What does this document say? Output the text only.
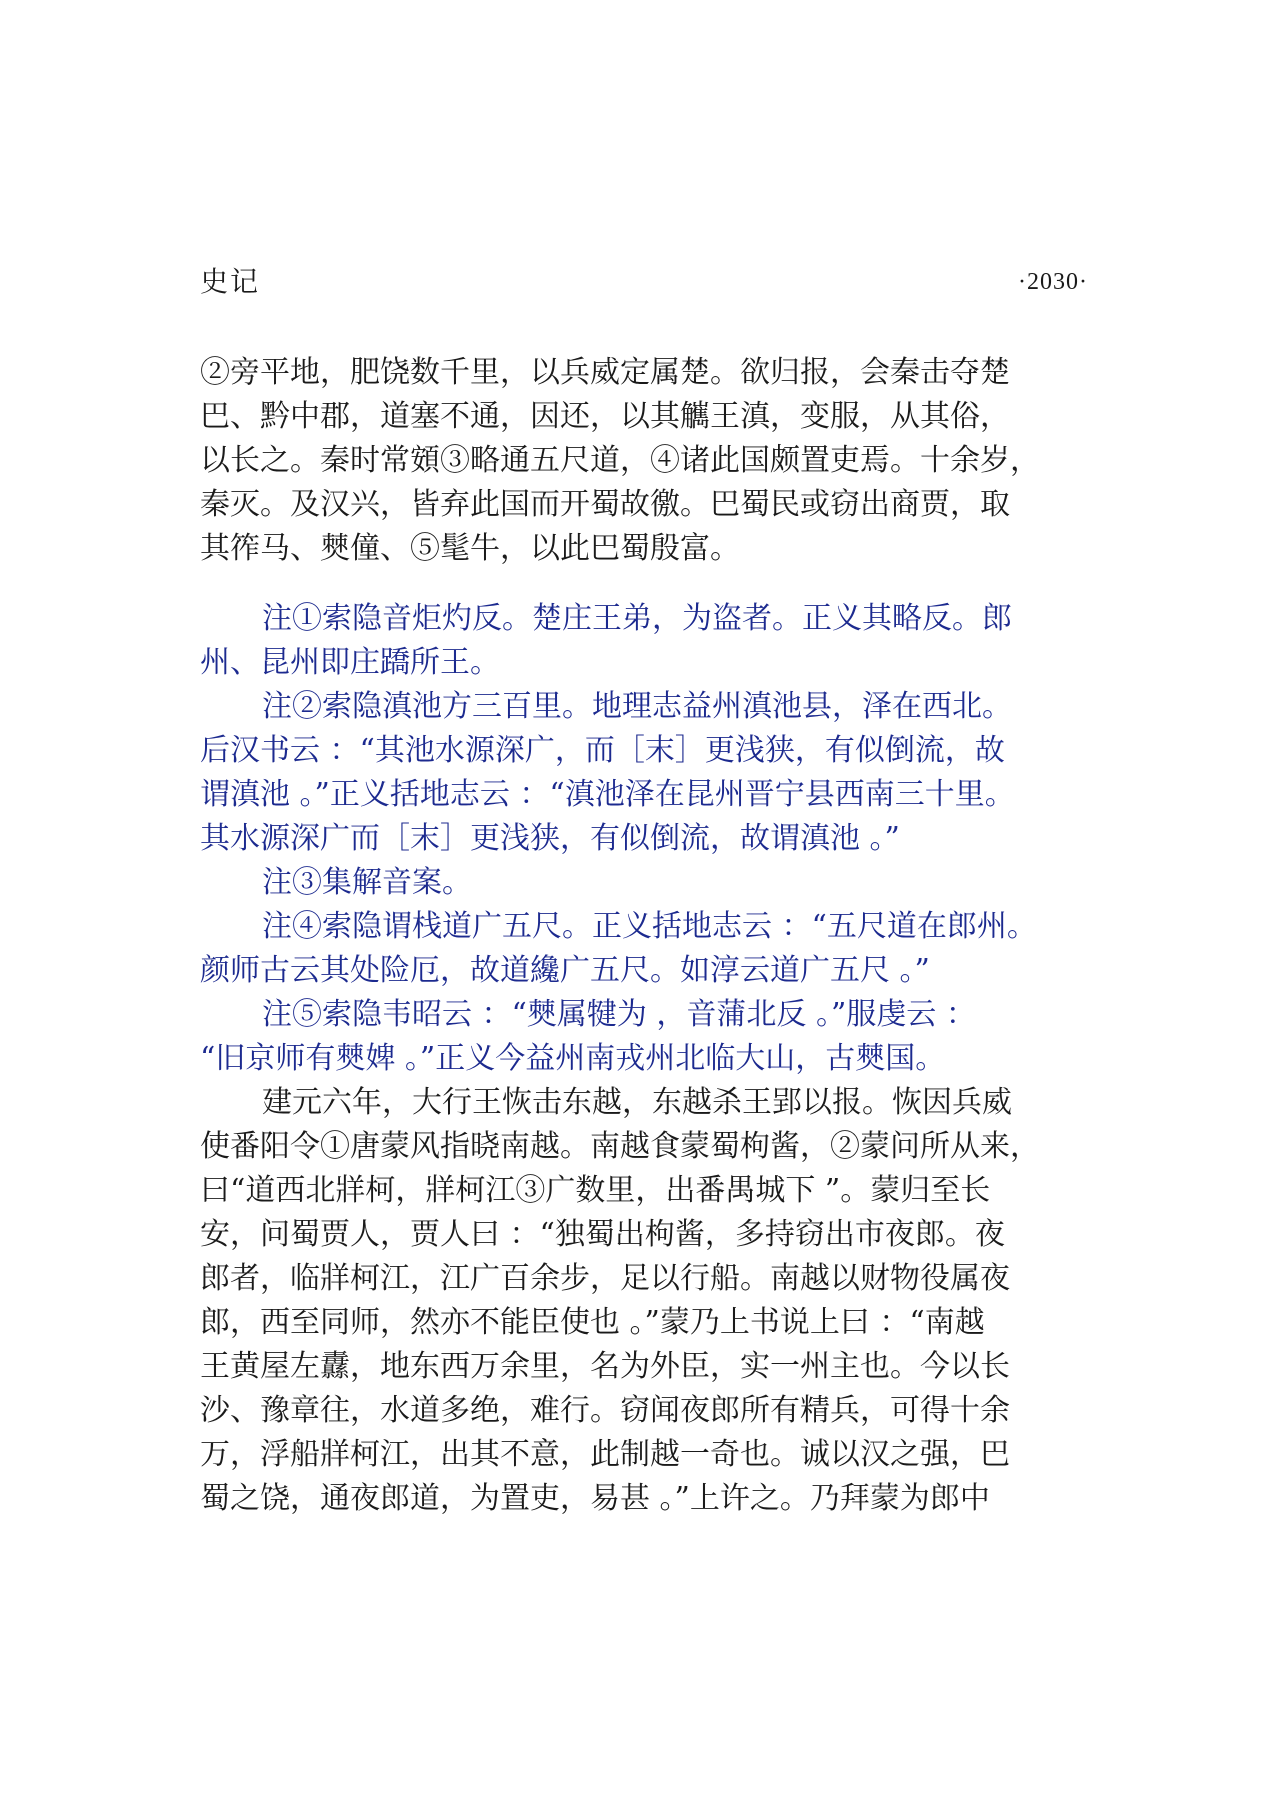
史记	·2030·
②旁平地，肥饶数千里，以兵威定属楚。欲归报，会秦击夺楚
巴、黔中郡，道塞不通，因还，以其觽王滇，变服，从其俗，
以长之。秦时常頞③略通五尺道，④诸此国颇置吏焉。十余岁，
秦灭。及汉兴，皆弃此国而开蜀故徼。巴蜀民或窃出商贾，取
其筰马、僰僮、⑤髦牛，以此巴蜀殷富。
注①索隐音炬灼反。楚庄王弟，为盗者。正义其略反。郎
州、昆州即庄蹻所王。
注②索隐滇池方三百里。地理志益州滇池县，泽在西北。
后汉书云 ：“其池水源深广，而［末］更浅狭，有似倒流，故
谓滇池 。”正义括地志云 ：“滇池泽在昆州晋宁县西南三十里。
其水源深广而［末］更浅狭，有似倒流，故谓滇池 。”
注③集解音案。
注④索隐谓栈道广五尺。正义括地志云 ：“五尺道在郎州。
颜师古云其处险厄，故道纔广五尺。如淳云道广五尺 。”
注⑤索隐韦昭云 ：“僰属犍为 ，音蒲北反 。”服虔云 ：
“旧京师有僰婢 。”正义今益州南戎州北临大山，古僰国。
建元六年，大行王恢击东越，东越杀王郢以报。恢因兵威
使番阳令①唐蒙风指晓南越。南越食蒙蜀枸酱，②蒙问所从来，
曰“道西北牂柯，牂柯江③广数里，出番禺城下 ”。蒙归至长
安，问蜀贾人，贾人曰 ：“独蜀出枸酱，多持窃出市夜郎。夜
郎者，临牂柯江，江广百余步，足以行船。南越以财物役属夜
郎，西至同师，然亦不能臣使也 。”蒙乃上书说上曰 ：“南越
王黄屋左纛，地东西万余里，名为外臣，实一州主也。今以长
沙、豫章往，水道多绝，难行。窃闻夜郎所有精兵，可得十余
万，浮船牂柯江，出其不意，此制越一奇也。诚以汉之强，巴
蜀之饶，通夜郎道，为置吏，易甚 。”上许之。乃拜蒙为郎中
